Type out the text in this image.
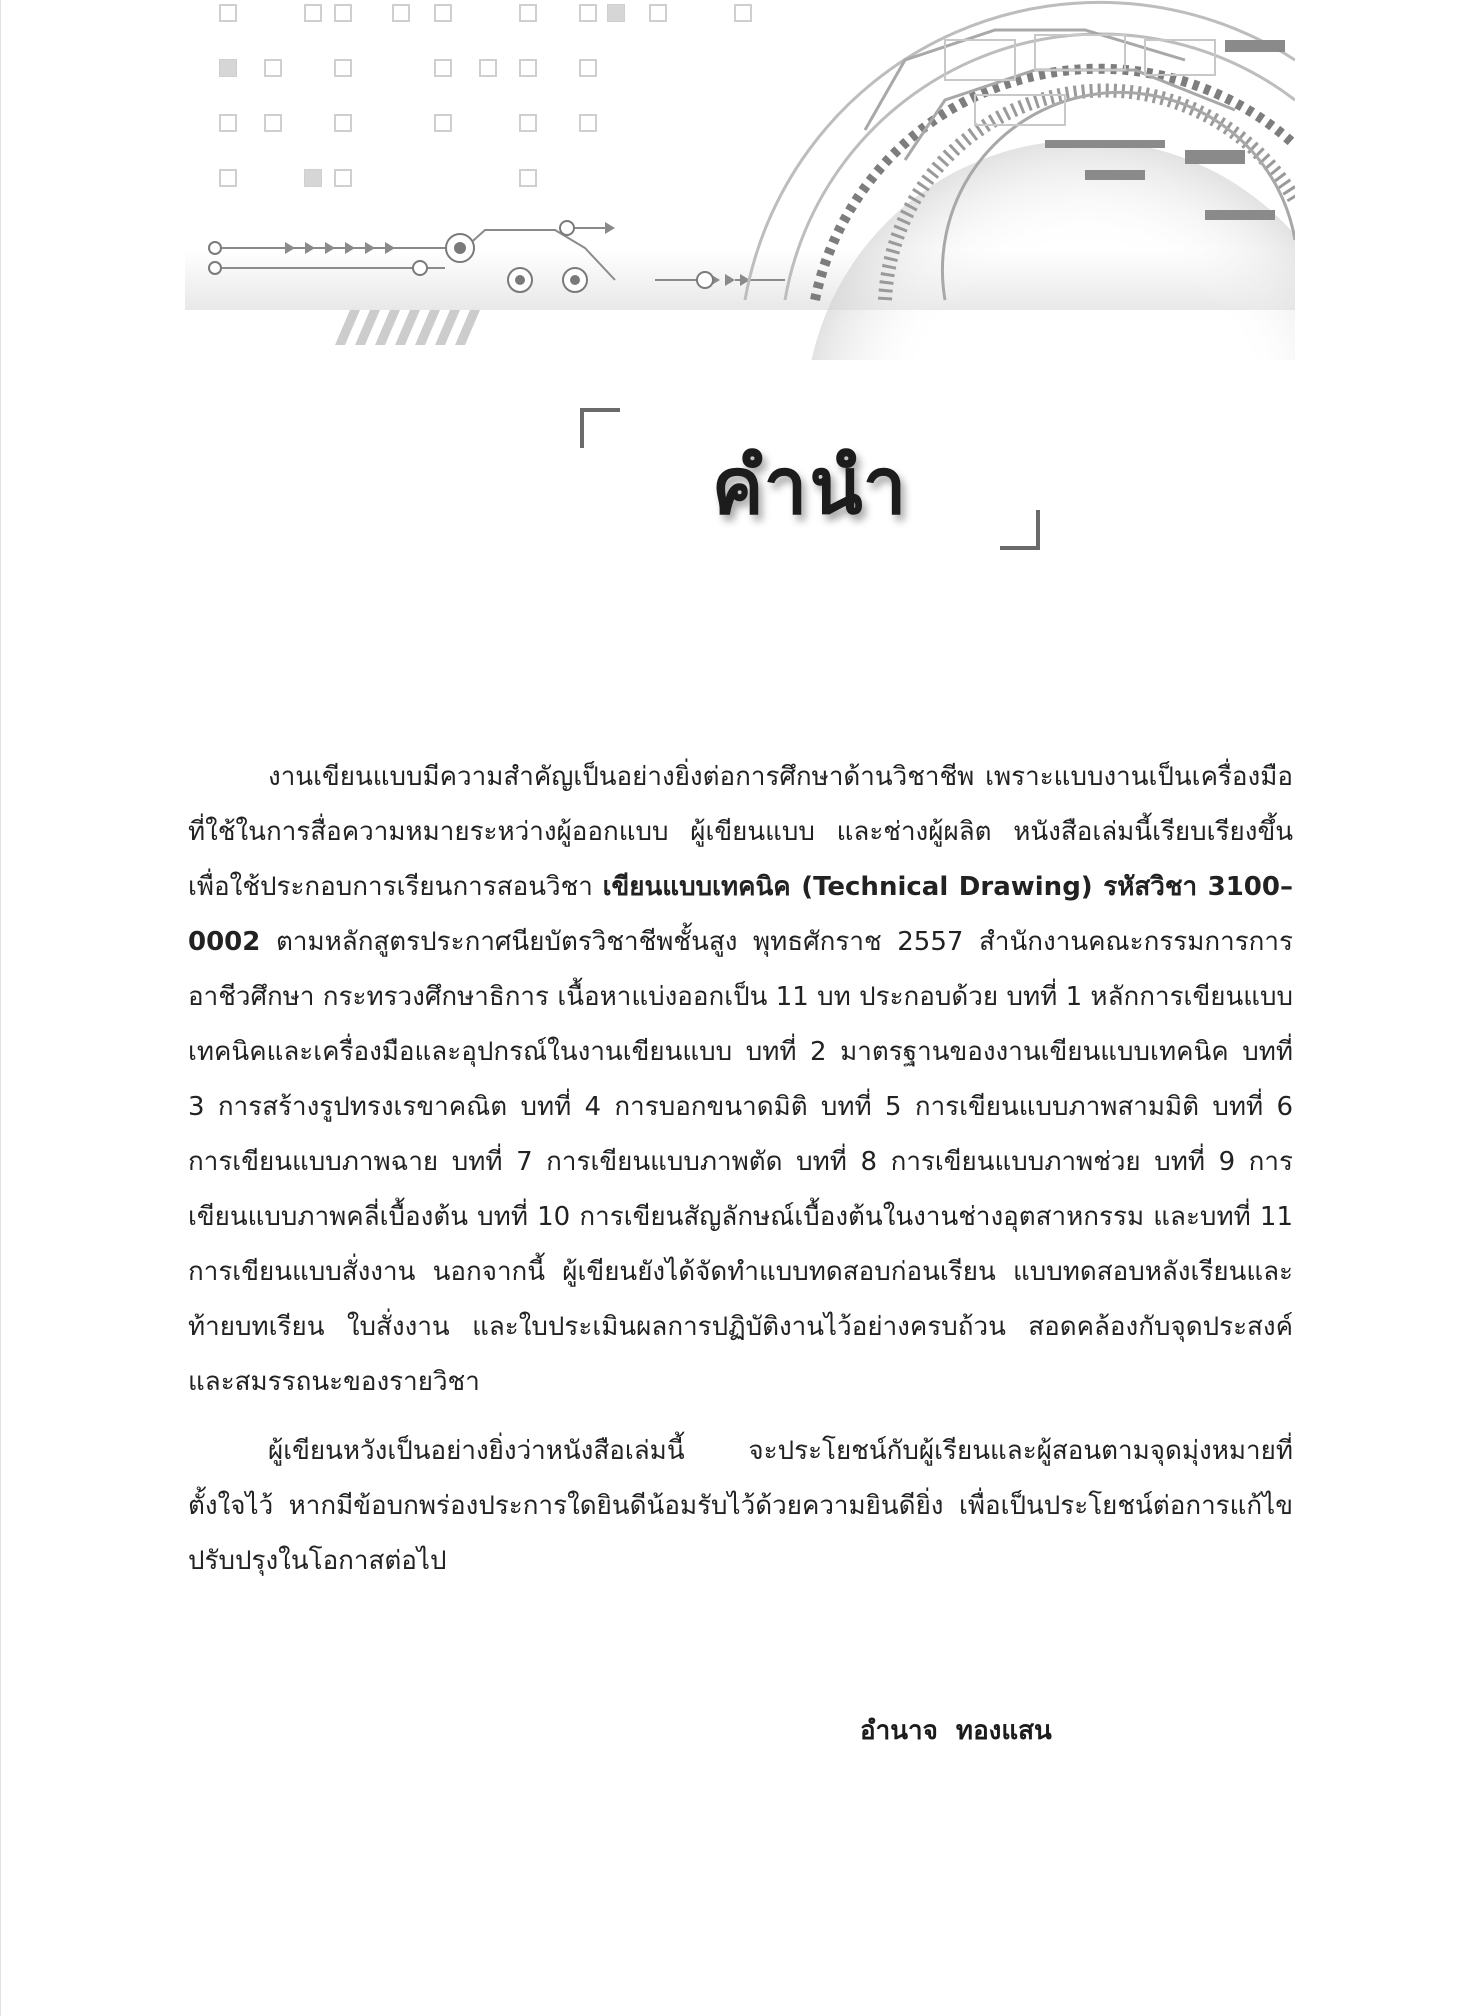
คำนำ

งานเขียนแบบมีความสำคัญเป็นอย่างยิ่งต่อการศึกษาด้านวิชาชีพ เพราะแบบงานเป็นเครื่องมือที่ใช้ในการสื่อความหมายระหว่างผู้ออกแบบ ผู้เขียนแบบ และช่างผู้ผลิต หนังสือเล่มนี้เรียบเรียงขึ้นเพื่อใช้ประกอบการเรียนการสอนวิชา เขียนแบบเทคนิค (Technical Drawing) รหัสวิชา 3100–0002 ตามหลักสูตรประกาศนียบัตรวิชาชีพชั้นสูง พุทธศักราช 2557 สำนักงานคณะกรรมการการอาชีวศึกษา กระทรวงศึกษาธิการ เนื้อหาแบ่งออกเป็น 11 บท ประกอบด้วย บทที่ 1 หลักการเขียนแบบเทคนิคและเครื่องมือและอุปกรณ์ในงานเขียนแบบ บทที่ 2 มาตรฐานของงานเขียนแบบเทคนิค บทที่ 3 การสร้างรูปทรงเรขาคณิต บทที่ 4 การบอกขนาดมิติ บทที่ 5 การเขียนแบบภาพสามมิติ บทที่ 6 การเขียนแบบภาพฉาย บทที่ 7 การเขียนแบบภาพตัด บทที่ 8 การเขียนแบบภาพช่วย บทที่ 9 การเขียนแบบภาพคลี่เบื้องต้น บทที่ 10 การเขียนสัญลักษณ์เบื้องต้นในงานช่างอุตสาหกรรม และบทที่ 11 การเขียนแบบสั่งงาน นอกจากนี้ ผู้เขียนยังได้จัดทำแบบทดสอบก่อนเรียน แบบทดสอบหลังเรียนและท้ายบทเรียน ใบสั่งงาน และใบประเมินผลการปฏิบัติงานไว้อย่างครบถ้วน สอดคล้องกับจุดประสงค์และสมรรถนะของรายวิชา

ผู้เขียนหวังเป็นอย่างยิ่งว่าหนังสือเล่มนี้ จะประโยชน์กับผู้เรียนและผู้สอนตามจุดมุ่งหมายที่ตั้งใจไว้ หากมีข้อบกพร่องประการใดยินดีน้อมรับไว้ด้วยความยินดียิ่ง เพื่อเป็นประโยชน์ต่อการแก้ไขปรับปรุงในโอกาสต่อไป

อำนาจ  ทองแสน
